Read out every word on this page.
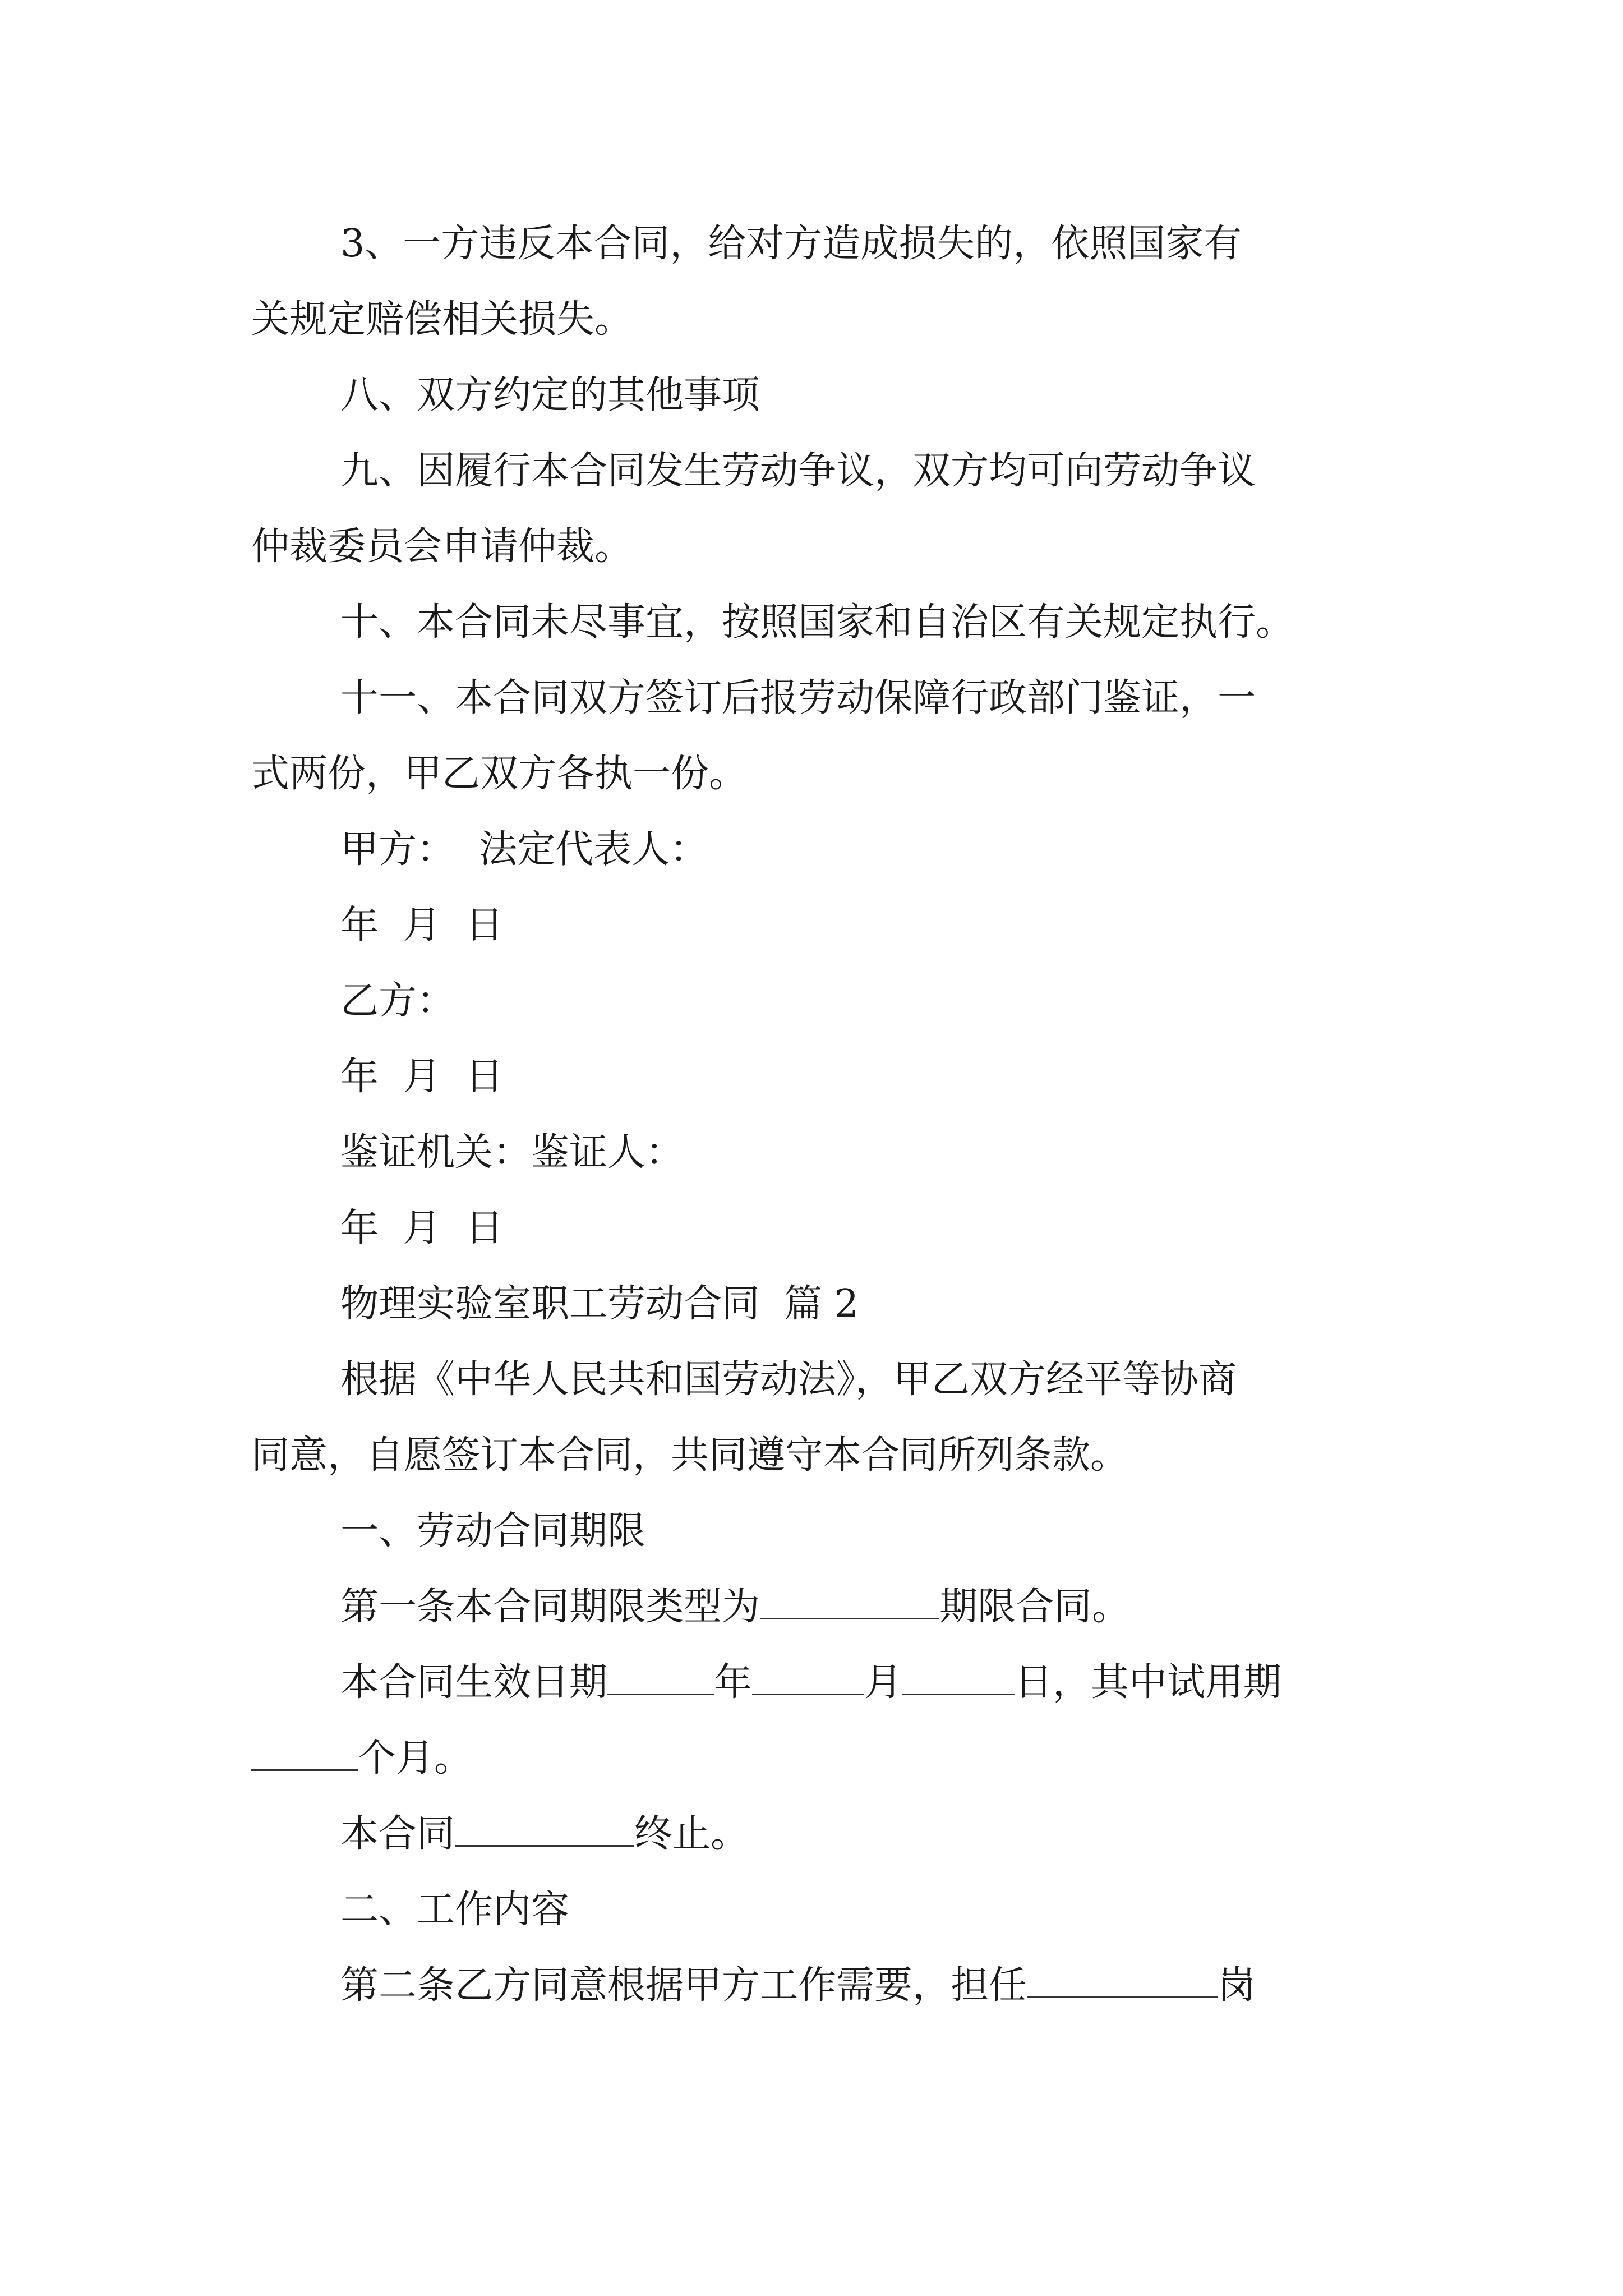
3、一方违反本合同，给对方造成损失的，依照国家有
关规定赔偿相关损失。
八、双方约定的其他事项
九、因履行本合同发生劳动争议，双方均可向劳动争议
仲裁委员会申请仲裁。
十、本合同未尽事宜，按照国家和自治区有关规定执行。
十一、本合同双方签订后报劳动保障行政部门鉴证，一
式两份，甲乙双方各执一份。
甲方：  法定代表人：
年  月  日
乙方：
年  月  日
鉴证机关：鉴证人：
年  月  日
物理实验室职工劳动合同  篇 2
根据《中华人民共和国劳动法》，甲乙双方经平等协商
同意，自愿签订本合同，共同遵守本合同所列条款。
一、劳动合同期限
第一条本合同期限类型为	期限合同。
本合同生效日期	年	月	日，其中试用期
个月。
本合同	终止。
二、工作内容
第二条乙方同意根据甲方工作需要，担任	岗
